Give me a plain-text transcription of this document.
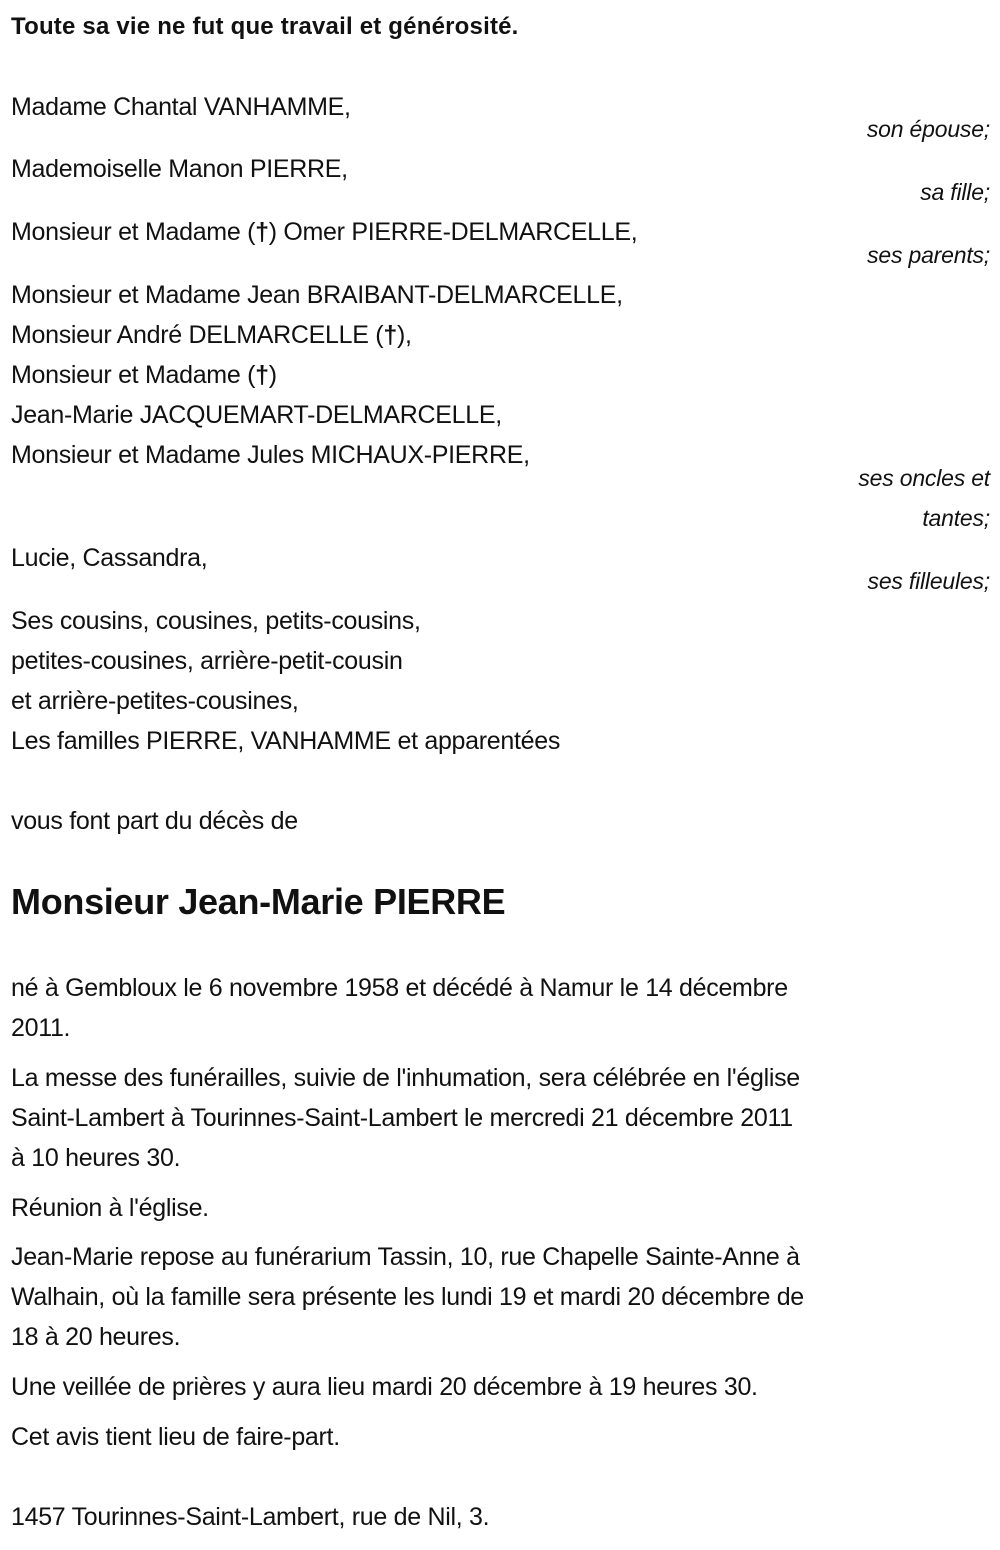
Toute sa vie ne fut que travail et générosité.
Madame Chantal VANHAMME,
son épouse;
Mademoiselle Manon PIERRE,
sa fille;
Monsieur et Madame (†) Omer PIERRE-DELMARCELLE,
ses parents;
Monsieur et Madame Jean BRAIBANT-DELMARCELLE,
Monsieur André DELMARCELLE (†),
Monsieur et Madame (†)
Jean-Marie JACQUEMART-DELMARCELLE,
Monsieur et Madame Jules MICHAUX-PIERRE,
ses oncles et
tantes;
Lucie, Cassandra,
ses filleules;
Ses cousins, cousines, petits-cousins,
petites-cousines, arrière-petit-cousin
et arrière-petites-cousines,
Les familles PIERRE, VANHAMME et apparentées
vous font part du décès de
Monsieur Jean-Marie PIERRE
né à Gembloux le 6 novembre 1958 et décédé à Namur le 14 décembre
2011.
La messe des funérailles, suivie de l'inhumation, sera célébrée en l'église
Saint-Lambert à Tourinnes-Saint-Lambert le mercredi 21 décembre 2011
à 10 heures 30.
Réunion à l'église.
Jean-Marie repose au funérarium Tassin, 10, rue Chapelle Sainte-Anne à
Walhain, où la famille sera présente les lundi 19 et mardi 20 décembre de
18 à 20 heures.
Une veillée de prières y aura lieu mardi 20 décembre à 19 heures 30.
Cet avis tient lieu de faire-part.
1457 Tourinnes-Saint-Lambert, rue de Nil, 3.
